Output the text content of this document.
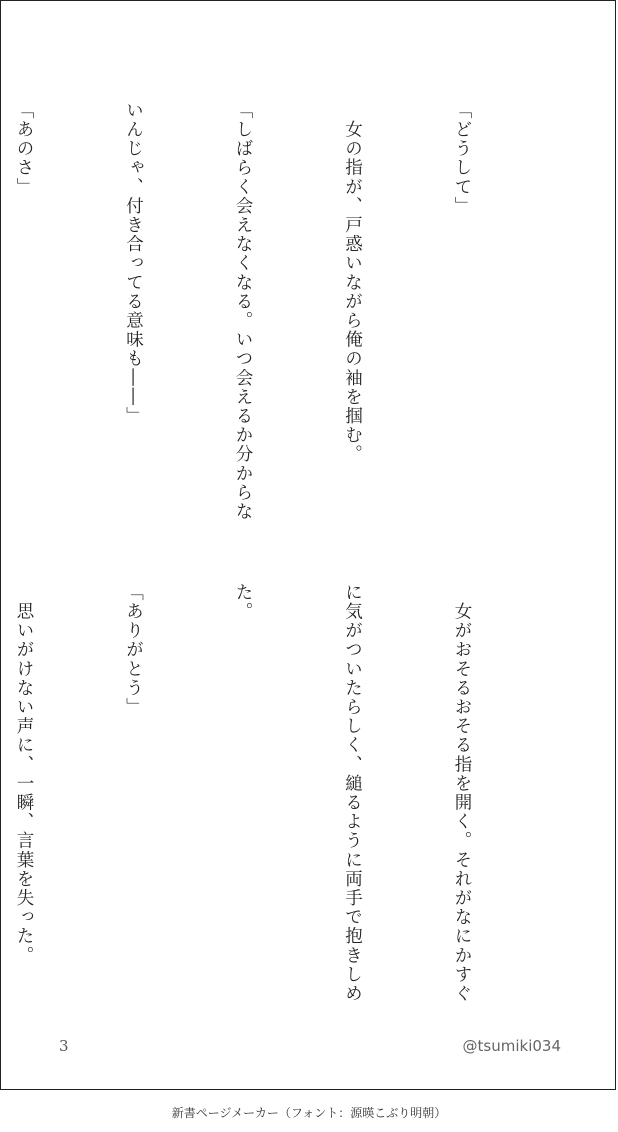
「どうして」

　女の指が、戸惑いながら俺の袖を掴む。

「しばらく会えなくなる。いつ会えるか分からな

いんじゃ、付き合ってる意味も――」

「あのさ」

　女がおそるおそる指を開く。それがなにかすぐ

に気がついたらしく、縋るように両手で抱きしめ

た。

「ありがとう」

　思いがけない声に、一瞬、言葉を失った。

3	@tsumiki034
新書ページメーカー（フォント：源暎こぶり明朝）
